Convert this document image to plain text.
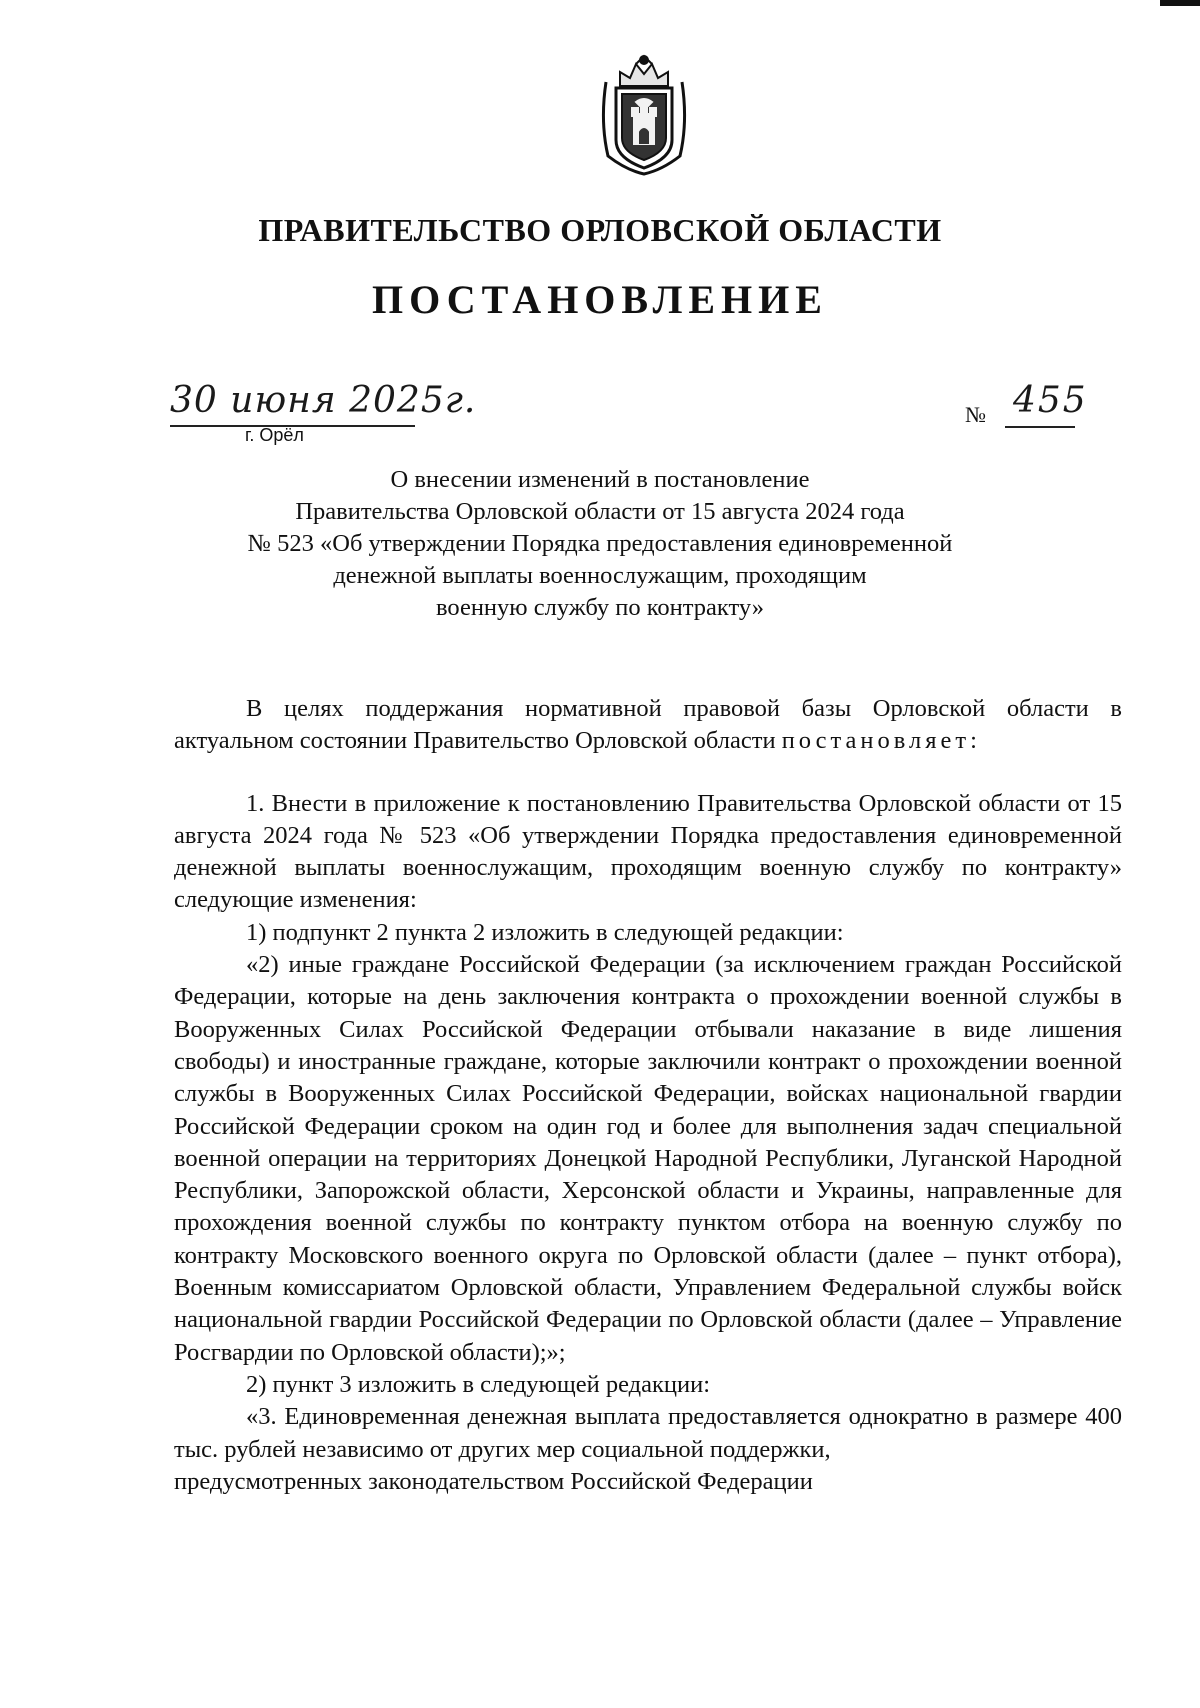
ПРАВИТЕЛЬСТВО ОРЛОВСКОЙ ОБЛАСТИ
ПОСТАНОВЛЕНИЕ
30 июня 2025г.
г. Орёл
№ 455
О внесении изменений в постановление
Правительства Орловской области от 15 августа 2024 года
№ 523 «Об утверждении Порядка предоставления единовременной
денежной выплаты военнослужащим, проходящим
военную службу по контракту»

В целях поддержания нормативной правовой базы Орловской области в актуальном состоянии Правительство Орловской области постановляет:

1. Внести в приложение к постановлению Правительства Орловской области от 15 августа 2024 года № 523 «Об утверждении Порядка предоставления единовременной денежной выплаты военнослужащим, проходящим военную службу по контракту» следующие изменения:

1) подпункт 2 пункта 2 изложить в следующей редакции:

«2) иные граждане Российской Федерации (за исключением граждан Российской Федерации, которые на день заключения контракта о прохождении военной службы в Вооруженных Силах Российской Федерации отбывали наказание в виде лишения свободы) и иностранные граждане, которые заключили контракт о прохождении военной службы в Вооруженных Силах Российской Федерации, войсках национальной гвардии Российской Федерации сроком на один год и более для выполнения задач специальной военной операции на территориях Донецкой Народной Республики, Луганской Народной Республики, Запорожской области, Херсонской области и Украины, направленные для прохождения военной службы по контракту пунктом отбора на военную службу по контракту Московского военного округа по Орловской области (далее – пункт отбора), Военным комиссариатом Орловской области, Управлением Федеральной службы войск национальной гвардии Российской Федерации по Орловской области (далее – Управление Росгвардии по Орловской области);»;

2) пункт 3 изложить в следующей редакции:

«3. Единовременная денежная выплата предоставляется однократно в размере 400 тыс. рублей независимо от других мер социальной поддержки,

предусмотренных законодательством Российской Федерации
